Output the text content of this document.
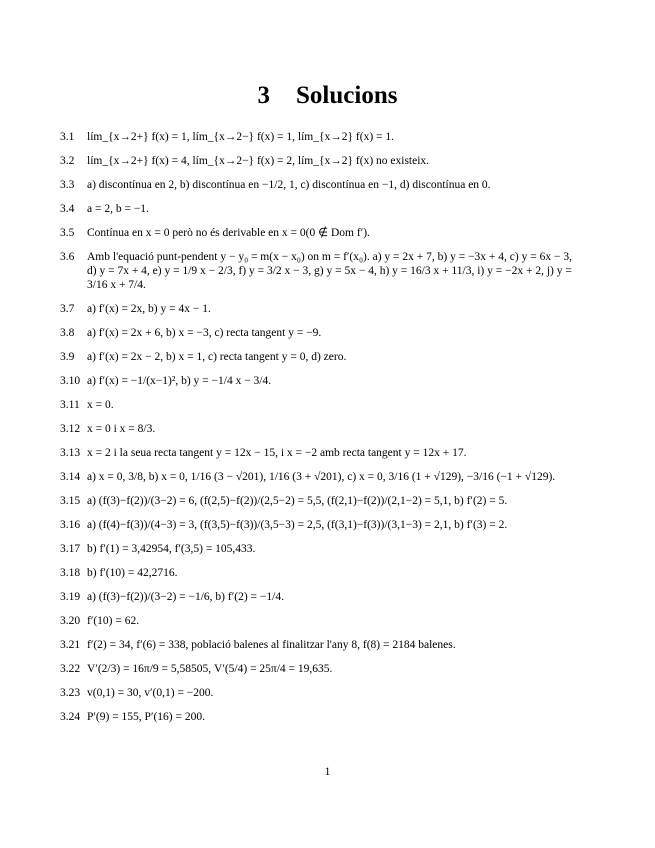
3 Solucions
3.1 lím_{x→2+} f(x) = 1, lím_{x→2−} f(x) = 1, lím_{x→2} f(x) = 1.
3.2 lím_{x→2+} f(x) = 4, lím_{x→2−} f(x) = 2, lím_{x→2} f(x) no existeix.
3.3 a) discontínua en 2, b) discontínua en −1/2, 1, c) discontínua en −1, d) discontínua en 0.
3.4 a = 2, b = −1.
3.5 Contínua en x = 0 però no és derivable en x = 0(0 ∉ Dom f′).
3.6 Amb l'equació punt-pendent y − y₀ = m(x − x₀) on m = f′(x₀). a) y = 2x + 7, b) y = −3x + 4, c) y = 6x − 3, d) y = 7x + 4, e) y = 1/9 x − 2/3, f) y = 3/2 x − 3, g) y = 5x − 4, h) y = 16/3 x + 11/3, i) y = −2x + 2, j) y = 3/16 x + 7/4.
3.7 a) f′(x) = 2x, b) y = 4x − 1.
3.8 a) f′(x) = 2x + 6, b) x = −3, c) recta tangent y = −9.
3.9 a) f′(x) = 2x − 2, b) x = 1, c) recta tangent y = 0, d) zero.
3.10 a) f′(x) = −1/(x−1)², b) y = −1/4 x − 3/4.
3.11 x = 0.
3.12 x = 0 i x = 8/3.
3.13 x = 2 i la seua recta tangent y = 12x − 15, i x = −2 amb recta tangent y = 12x + 17.
3.14 a) x = 0, 3/8, b) x = 0, 1/16 (3 − √201), 1/16 (3 + √201), c) x = 0, 3/16 (1 + √129), −3/16 (−1 + √129).
3.15 a) (f(3)−f(2))/(3−2) = 6, (f(2,5)−f(2))/(2,5−2) = 5,5, (f(2,1)−f(2))/(2,1−2) = 5,1, b) f′(2) = 5.
3.16 a) (f(4)−f(3))/(4−3) = 3, (f(3,5)−f(3))/(3,5−3) = 2,5, (f(3,1)−f(3))/(3,1−3) = 2,1, b) f′(3) = 2.
3.17 b) f′(1) = 3,42954, f′(3,5) = 105,433.
3.18 b) f′(10) = 42,2716.
3.19 a) (f(3)−f(2))/(3−2) = −1/6, b) f′(2) = −1/4.
3.20 f′(10) = 62.
3.21 f′(2) = 34, f′(6) = 338, població balenes al finalitzar l'any 8, f(8) = 2184 balenes.
3.22 V′(2/3) = 16π/9 = 5,58505, V′(5/4) = 25π/4 = 19,635.
3.23 v(0,1) = 30, v′(0,1) = −200.
3.24 P′(9) = 155, P′(16) = 200.
1
